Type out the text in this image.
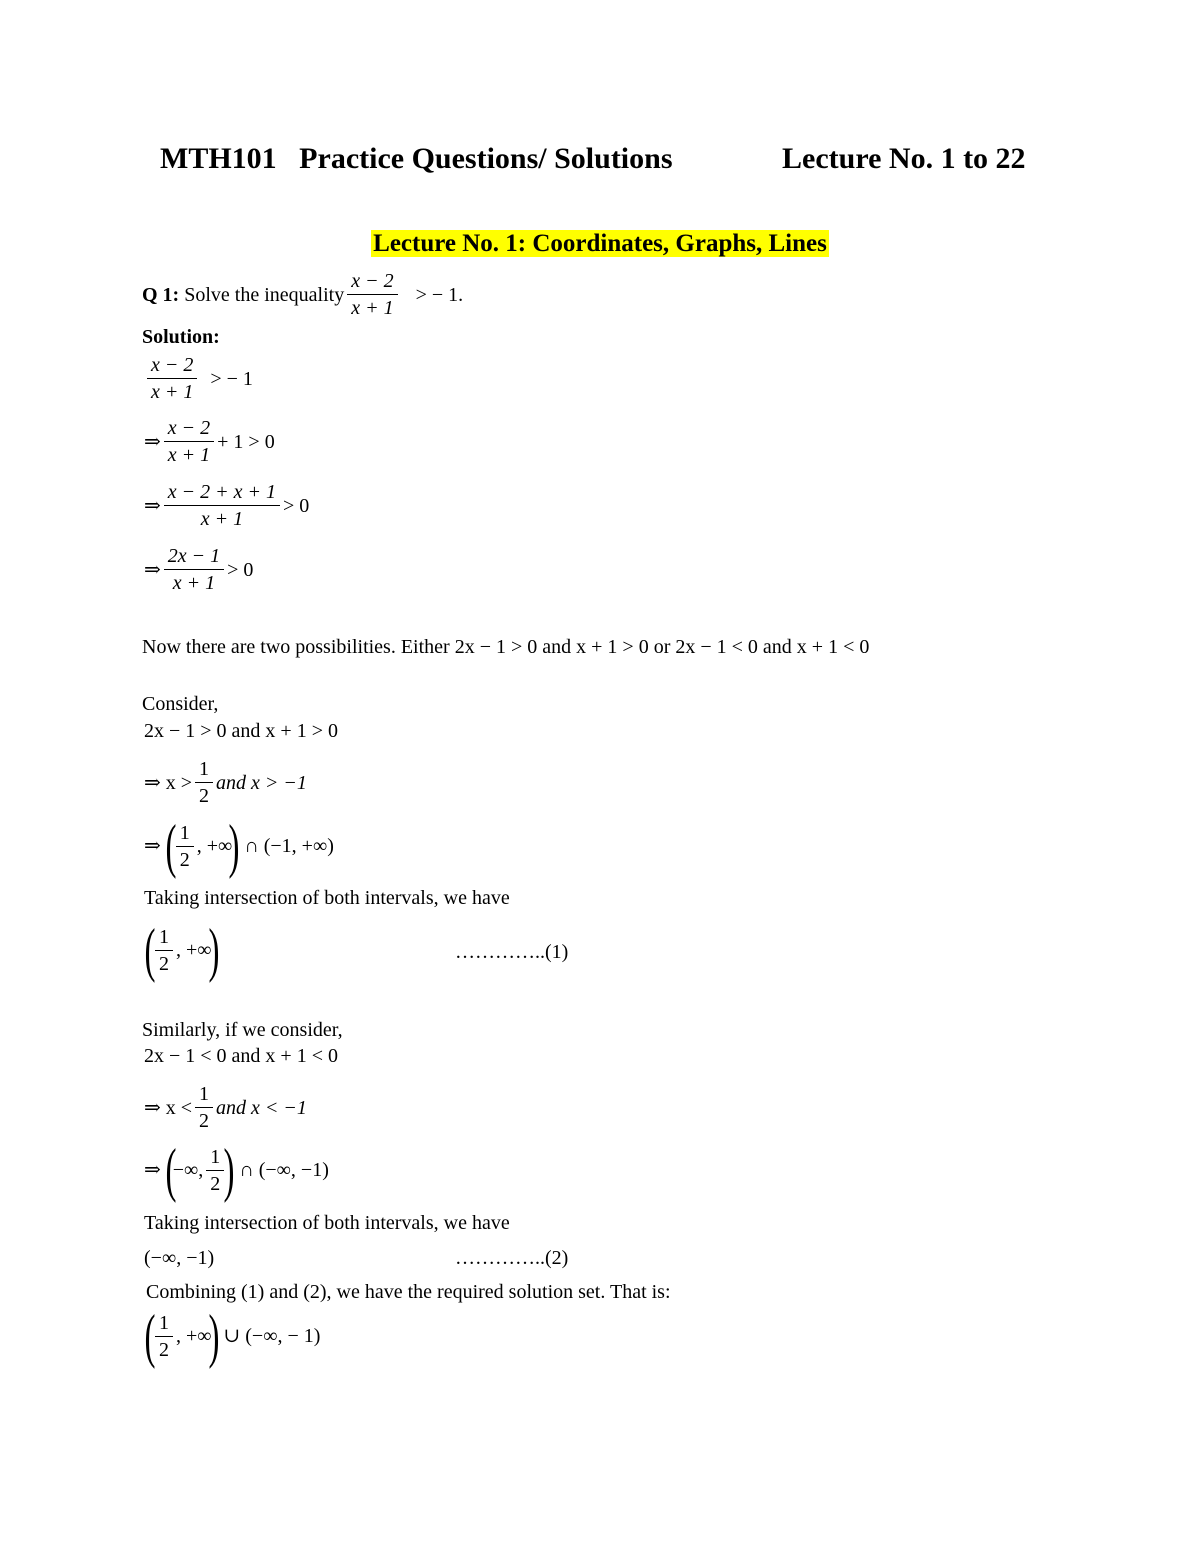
MTH101 Practice Questions/ Solutions	Lecture No. 1 to 22
Lecture No. 1: Coordinates, Graphs, Lines
Q 1:
Solve the inequality $\frac{x - 2}{x + 1}$
> − 1.
Solution:
$\frac{x - 2}{x + 1}$
> − 1
⇒ $\frac{x - 2}{x + 1} + 1 > 0$
⇒ $\frac{x - 2 + x + 1}{x + 1} > 0$
⇒ $\frac{2x - 1}{x + 1} > 0$
Now there are two possibilities. Either 2x − 1 > 0 and x + 1 > 0 or 2x − 1 < 0 and x + 1 < 0
Consider,
2x − 1 > 0 and x + 1 > 0
⇒ $x > \frac{1}{2}$ and x > −1
⇒ ( $\frac{1}{2}$ , +∞
) ∩ (−1, +∞)
Taking intersection of both intervals, we have
( $\frac{1}{2}$ , +∞
)	…………..(1)
Similarly, if we consider,
2x − 1 < 0 and x + 1 < 0
⇒ $x < \frac{1}{2}$ and x < −1
⇒ (
−∞, $\frac{1}{2}$ ) ∩ (−∞, −1)
Taking intersection of both intervals, we have
(−∞, −1)	…………..(2)
Combining (1) and (2), we have the required solution set. That is:
( $\frac{1}{2}$ , +∞
) ∪ (−∞, − 1)
